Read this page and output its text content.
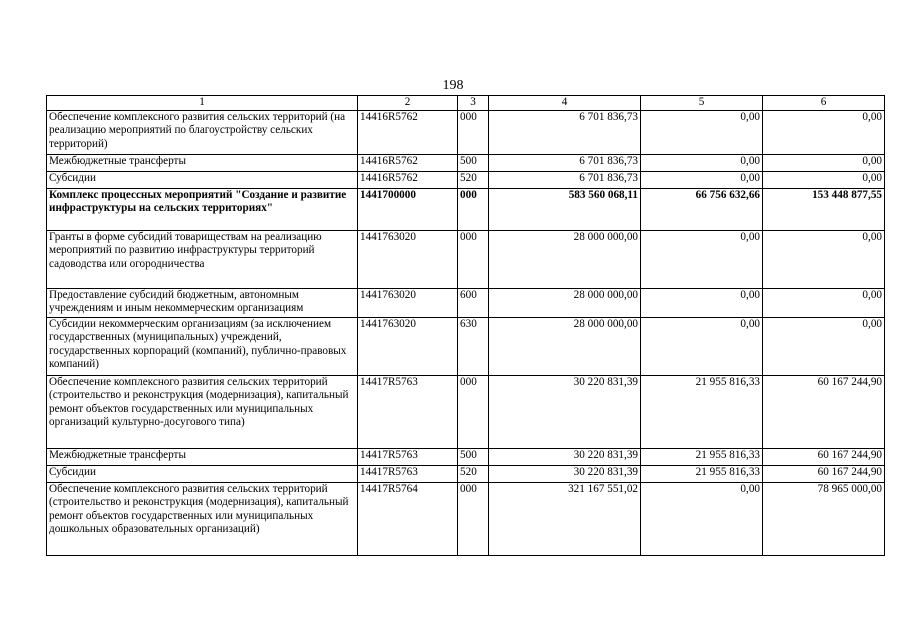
198
1	2	3	4	5	6
Обеспечение комплексного развития сельских территорий (на реализацию мероприятий по благоустройству сельских территорий)	14416R5762	000	6 701 836,73	0,00	0,00
Межбюджетные трансферты	14416R5762	500	6 701 836,73	0,00	0,00
Субсидии	14416R5762	520	6 701 836,73	0,00	0,00
Комплекс процессных мероприятий "Создание и развитие инфраструктуры на сельских территориях"	1441700000	000	583 560 068,11	66 756 632,66	153 448 877,55
Гранты в форме субсидий товариществам на реализацию мероприятий по развитию инфраструктуры территорий садоводства или огородничества	1441763020	000	28 000 000,00	0,00	0,00
Предоставление субсидий бюджетным, автономным учреждениям и иным некоммерческим организациям	1441763020	600	28 000 000,00	0,00	0,00
Субсидии некоммерческим организациям (за исключением государственных (муниципальных) учреждений, государственных корпораций (компаний), публично-правовых компаний)	1441763020	630	28 000 000,00	0,00	0,00
Обеспечение комплексного развития сельских территорий (строительство и реконструкция (модернизация), капитальный ремонт объектов государственных или муниципальных организаций культурно-досугового типа)	14417R5763	000	30 220 831,39	21 955 816,33	60 167 244,90
Межбюджетные трансферты	14417R5763	500	30 220 831,39	21 955 816,33	60 167 244,90
Субсидии	14417R5763	520	30 220 831,39	21 955 816,33	60 167 244,90
Обеспечение комплексного развития сельских территорий (строительство и реконструкция (модернизация), капитальный ремонт объектов государственных или муниципальных дошкольных образовательных организаций)	14417R5764	000	321 167 551,02	0,00	78 965 000,00
